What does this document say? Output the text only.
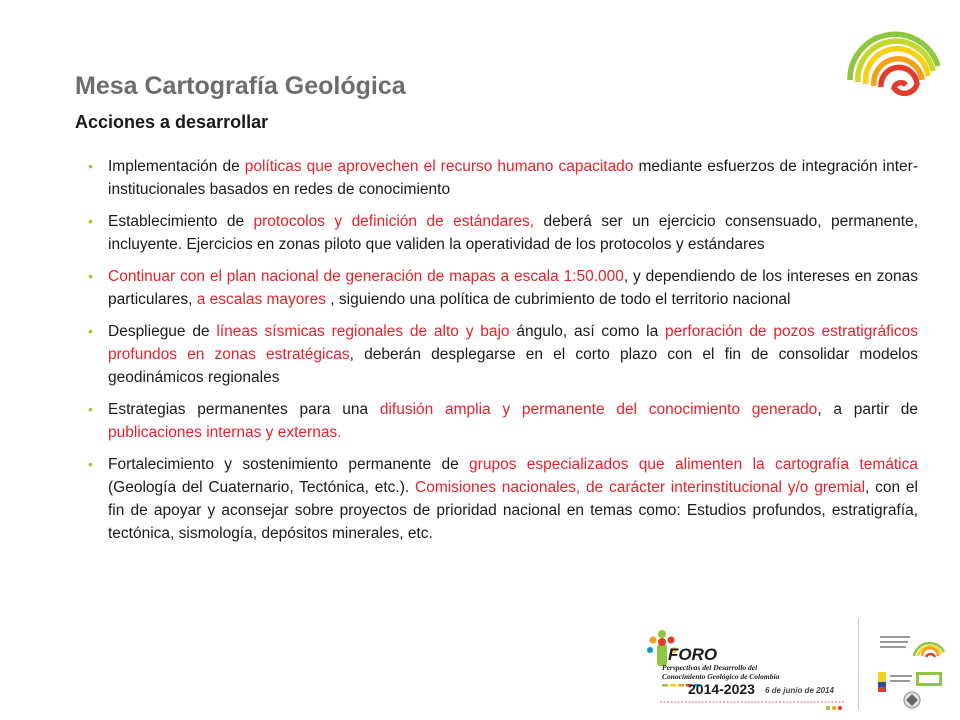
Mesa Cartografía Geológica
Acciones a desarrollar
• Implementación de políticas que aprovechen el recurso humano capacitado mediante esfuerzos de integración inter-institucionales basados en redes de conocimiento
• Establecimiento de protocolos y definición de estándares, deberá ser un ejercicio consensuado, permanente, incluyente. Ejercicios en zonas piloto que validen la operatividad de los protocolos y estándares
• Continuar con el plan nacional de generación de mapas a escala 1:50.000, y dependiendo de los intereses en zonas particulares, a escalas mayores , siguiendo una política de cubrimiento de todo el territorio nacional
• Despliegue de líneas sísmicas regionales de alto y bajo ángulo, así como la perforación de pozos estratigráficos profundos en zonas estratégicas, deberán desplegarse en el corto plazo con el fin de consolidar modelos geodinámicos regionales
• Estrategias permanentes para una difusión amplia y permanente del conocimiento generado, a partir de publicaciones internas y externas.
• Fortalecimiento y sostenimiento permanente de grupos especializados que alimenten la cartografía temática (Geología del Cuaternario, Tectónica, etc.). Comisiones nacionales, de carácter interinstitucional y/o gremial, con el fin de apoyar y aconsejar sobre proyectos de prioridad nacional en temas como: Estudios profundos, estratigrafía, tectónica, sismología, depósitos minerales, etc.
FORO
Perspectivas del Desarrollo del
Conocimiento Geológico de Colombia
2014-2023 6 de junio de 2014
